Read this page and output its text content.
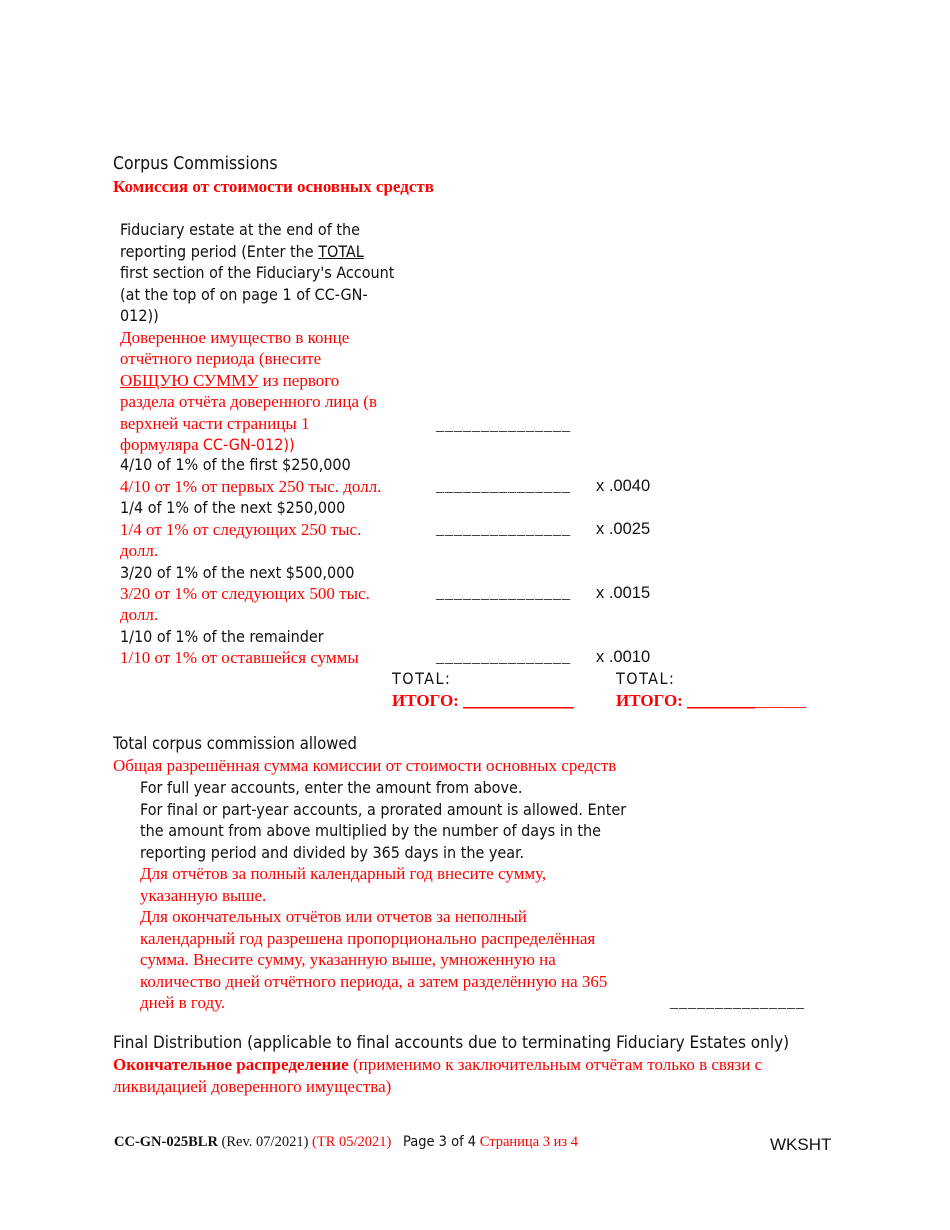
Corpus Commissions
Комиссия от стоимости основных средств
Fiduciary estate at the end of the
reporting period (Enter the TOTAL
first section of the Fiduciary's Account
(at the top of on page 1 of CC-GN-
012))
Доверенное имущество в конце
отчётного периода (внесите
ОБЩУЮ СУММУ из первого
раздела отчёта доверенного лица (в
верхней части страницы 1
формуляра CC-GN-012))
_______________
4/10 of 1% of the first $250,000
4/10 от 1% от первых 250 тыс. долл.	_______________ x .0040
1/4 of 1% of the next $250,000
1/4 от 1% от следующих 250 тыс.
долл.
_______________ x .0025
3/20 of 1% of the next $500,000
3/20 от 1% от следующих 500 тыс.
долл.
_______________ x .0015
1/10 of 1% of the remainder
1/10 от 1% от оставшейся суммы	_______________ x .0010
TOTAL:
ИТОГО: _____________
TOTAL:
ИТОГО: ______________
Total corpus commission allowed
Общая разрешённая сумма комиссии от стоимости основных средств
For full year accounts, enter the amount from above.
For final or part-year accounts, a prorated amount is allowed. Enter
the amount from above multiplied by the number of days in the
reporting period and divided by 365 days in the year.
Для отчётов за полный календарный год внесите сумму,
указанную выше.
Для окончательных отчётов или отчетов за неполный
календарный год разрешена пропорционально распределённая
сумма. Внесите сумму, указанную выше, умноженную на
количество дней отчётного периода, а затем разделённую на 365
дней в году.	_______________
Final Distribution (applicable to final accounts due to terminating Fiduciary Estates only)
Окончательное распределение (применимо к заключительным отчётам только в связи с
ликвидацией доверенного имущества)
CC-GN-025BLR (Rev. 07/2021) (TR 05/2021) Page 3 of 4 Страница 3 из 4	WKSHT
